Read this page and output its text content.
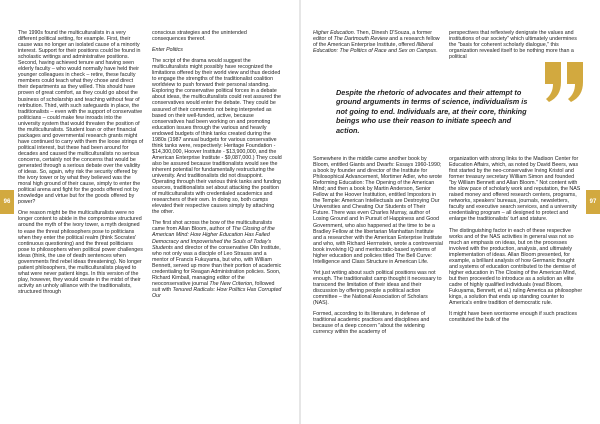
The 1990s found the multiculturalists in a very different political setting, for example. First, their cause was no longer an isolated cause of a minority interest. Support for their positions could be found in scholastic writings and administrative positions. Second, having achieved tenure and having seen elderly faculty – who would normally have held their younger colleagues in check – retire, these faculty members could teach what they chose and direct their departments as they willed. This should have proven of great comfort, as they could go about the business of scholarship and teaching without fear of retribution. Third, with such safeguards in place, the traditionalists – even with the support of conservative politicians – could make few inroads into the university system that would threaten the position of the multiculturalists. Student loan or other financial packages and governmental research grants might have continued to carry with them the loose strings of political interest, but these had been around for decades and caused the multiculturalists no serious concerns, certainly not the concerns that would be generated through a serious debate over the validity of ideas. So, again, why risk the security offered by the ivory tower or by what they believed was the moral high ground of their cause, simply to enter the political arena and fight for the goods offered not by knowledge and virtue but for the goods offered by power?

One reason might be the multiculturalists were no longer content to abide in the compromise structured around the myth of the ivory tower, a myth designed to ease the threat philosophers pose to politicians when they enter the political realm (think Socrates' continuous questioning) and the threat politicians pose to philosophers when political power challenges ideas (think, the use of death sentences when governments find rebel ideas threatening). No longer patient philosophers, the multiculturalists played to what were never patient kings. In this version of the play, however, they would create in the midst of their activity an unholy alliance with the traditionalists, structured through

conscious strategies and the unintended consequences thereof.

Enter Politics

The script of the drama would suggest the multiculturalists might possibly have recognized the limitations offered by their world view and thus decided to engage the strengths of the traditionalist coalition worldview to push forward their personal standing. Exploring the conservative political forces in a debate about ideas, the multiculturalists could rest assured the conservatives would enter the debate. They could be assured of their comments not being interpreted as based on their well-funded, active, because conservatives had been working on and promoting education issues through the various and heavily endowed budgets of think tanks created during the 1980s (1987 annual budgets for various conservative think tanks were, respectively: Heritage Foundation - $14,300,000, Hoover Institute - $13,900,000, and the American Enterprise Institute - $9,087,000.) They could also be assured because traditionalists would see the inherent potential for fundamentally restructuring the university. And traditionalists did not disappoint. Operating through their various think tanks and funding sources, traditionalists set about attacking the position of multiculturalists with credentialed academics and researchers of their own. In doing so, both camps elevated their respective causes simply by attaching the other.

The first shot across the bow of the multiculturalists came from Allan Bloom, author of The Closing of the American Mind: How Higher Education Has Failed Democracy and Impoverished the Souls of Today's Students and director of the conservative Olin Institute, who not only was a disciple of Leo Strauss and a mentor of Francis Fukuyama, but who, with William Bennett, served up more than their portion of academic credentialing for Reagan Administration policies. Soon, Richard Kimball, managing editor of the neoconservative journal The New Criterion, followed suit with Tenured Radicals: How Politics Has Corrupted Our

Higher Education. Then, Dinesh D'Souza, a former editor of The Dartmouth Review and a research fellow of the American Enterprise Institute, offered Illiberal Education: The Politics of Race and Sex on Campus.

perspectives that reflexively denigrate the values and institutions of our society" which ultimately undermines the "basis for coherent scholarly dialogue," this organization revealed itself to be nothing more than a political

Somewhere in the middle came another book by Bloom, entitled Giants and Dwarfs: Essays 1960-1990; a book by founder and director of the Institute for Philosophical Advancement, Mortimer Adler, who wrote Reforming Education: The Opening of the American Mind; and then a book by Martin Anderson, Senior Fellow at the Hoover Institution, entitled Impostors in the Temple: American Intellectuals are Destroying Our Universities and Cheating Our Students of Their Future. There was even Charles Murray, author of Losing Ground and In Pursuit of Happiness and Good Government, who also happened at the time to be a Bradley Fellow at the libertarian Manhattan Institute and a researcher with the American Enterprise Institute and who, with Richard Herrnstein, wrote a controversial book involving IQ and meritocratic-based systems of higher education and policies titled The Bell Curve: Intelligence and Class Structure in American Life.

Yet just writing about such political positions was not enough. The traditionalist camp thought it necessary to transcend the limitation of their ideas and their discussion by offering people a political action committee – the National Association of Scholars (NAS).

Formed, according to its literature, in defense of traditional academic practices and disciplines and because of a deep concern "about the widening currency within the academy of

organization with strong links to the Madison Center for Education Affairs, which, as noted by David Beers, was first started by the neo-conservative Irving Kristol and former treasury secretary William Simon and founded "by William Bennett and Allan Bloom." Not content with the slow pace of scholarly work and reputation, the NAS raised money and offered research centers, programs, networks, speakers' bureaus, journals, newsletters, faculty and executive search services, and a university credentialing program – all designed to protect and enlarge the traditionalists' turf and stature.

The distinguishing factor in each of these respective works and of the NAS activities in general was not so much an emphasis on ideas, but on the processes involved with the production, analysis, and ultimately implementation of ideas. Allan Bloom presented, for example, a brilliant analysis of how Germanic thought and systems of education contributed to the demise of higher education in The Closing of the American Mind, but then proceeded to introduce as a solution an elite cadre of highly qualified individuals (read Bloom, Fukuyama, Bennett, et al.) ruling America as philosopher kings, a solution that ends up standing counter to America's entire tradition of democratic rule.

It might have been worrisome enough if such practices constituted the bulk of the

Despite the rhetoric of advocates and their attempt to ground arguments in terms of science, individualism is not going to end. Individuals are, at their core, thinking beings who use their reason to initiate speech and action.
96	97
